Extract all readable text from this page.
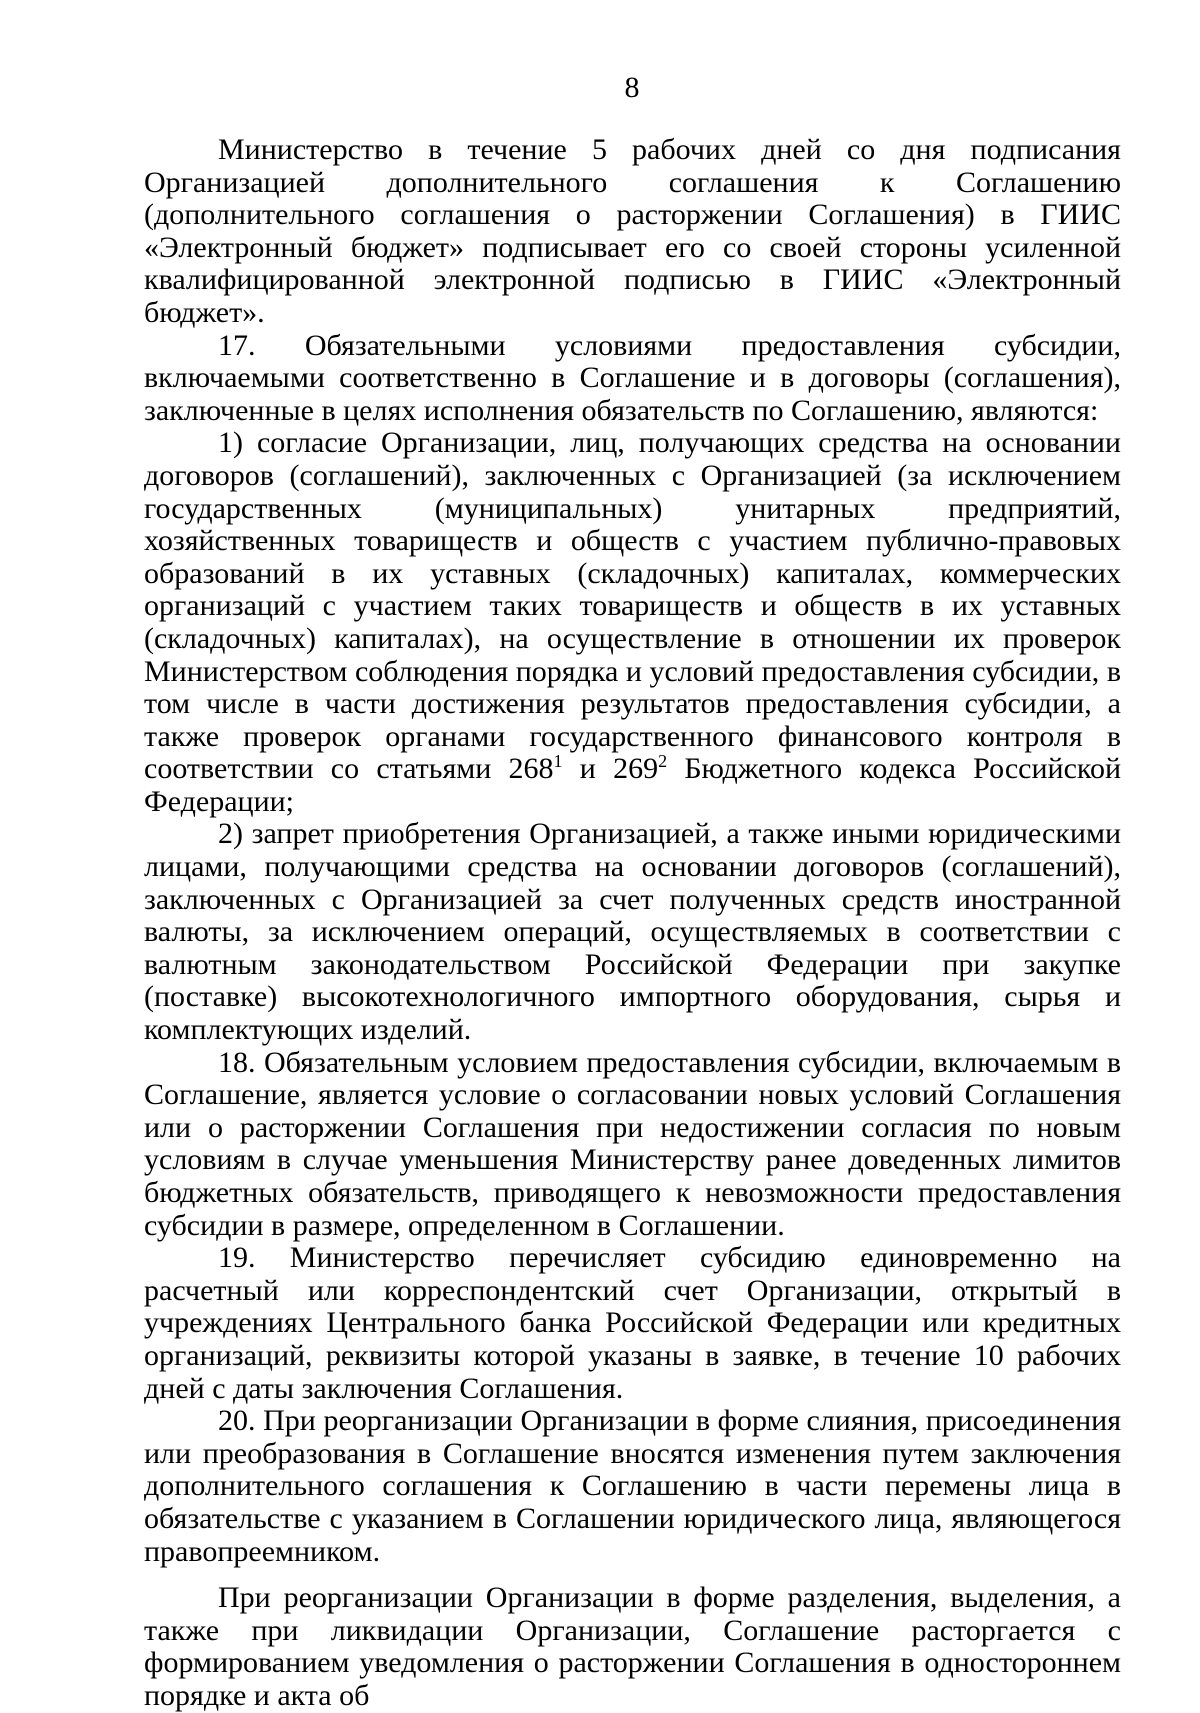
8

Министерство в течение 5 рабочих дней со дня подписания Организацией дополнительного соглашения к Соглашению (дополнительного соглашения о расторжении Соглашения) в ГИИС «Электронный бюджет» подписывает его со своей стороны усиленной квалифицированной электронной подписью в ГИИС «Электронный бюджет».

17. Обязательными условиями предоставления субсидии, включаемыми соответственно в Соглашение и в договоры (соглашения), заключенные в целях исполнения обязательств по Соглашению, являются:

1) согласие Организации, лиц, получающих средства на основании договоров (соглашений), заключенных с Организацией (за исключением государственных (муниципальных) унитарных предприятий, хозяйственных товариществ и обществ с участием публично-правовых образований в их уставных (складочных) капиталах, коммерческих организаций с участием таких товариществ и обществ в их уставных (складочных) капиталах), на осуществление в отношении их проверок Министерством соблюдения порядка и условий предоставления субсидии, в том числе в части достижения результатов предоставления субсидии, а также проверок органами государственного финансового контроля в соответствии со статьями $268^1$ и $269^2$ Бюджетного кодекса Российской Федерации;

2) запрет приобретения Организацией, а также иными юридическими лицами, получающими средства на основании договоров (соглашений), заключенных с Организацией за счет полученных средств иностранной валюты, за исключением операций, осуществляемых в соответствии с валютным законодательством Российской Федерации при закупке (поставке) высокотехнологичного импортного оборудования, сырья и комплектующих изделий.

18. Обязательным условием предоставления субсидии, включаемым в Соглашение, является условие о согласовании новых условий Соглашения или о расторжении Соглашения при недостижении согласия по новым условиям в случае уменьшения Министерству ранее доведенных лимитов бюджетных обязательств, приводящего к невозможности предоставления субсидии в размере, определенном в Соглашении.

19. Министерство перечисляет субсидию единовременно на расчетный или корреспондентский счет Организации, открытый в учреждениях Центрального банка Российской Федерации или кредитных организаций, реквизиты которой указаны в заявке, в течение 10 рабочих дней с даты заключения Соглашения.

20. При реорганизации Организации в форме слияния, присоединения или преобразования в Соглашение вносятся изменения путем заключения дополнительного соглашения к Соглашению в части перемены лица в обязательстве с указанием в Соглашении юридического лица, являющегося правопреемником.

При реорганизации Организации в форме разделения, выделения, а также при ликвидации Организации, Соглашение расторгается с формированием уведомления о расторжении Соглашения в одностороннем порядке и акта об
